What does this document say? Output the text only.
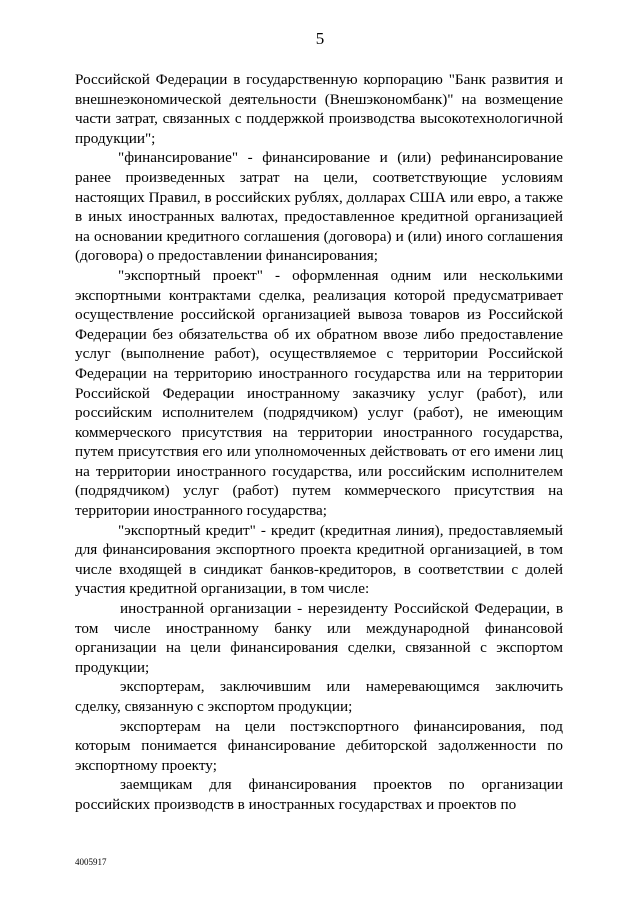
5

Российской Федерации в государственную корпорацию "Банк развития и внешнеэкономической деятельности (Внешэкономбанк)" на возмещение части затрат, связанных с поддержкой производства высокотехнологичной продукции";

"финансирование" - финансирование и (или) рефинансирование ранее произведенных затрат на цели, соответствующие условиям настоящих Правил, в российских рублях, долларах США или евро, а также в иных иностранных валютах, предоставленное кредитной организацией на основании кредитного соглашения (договора) и (или) иного соглашения (договора) о предоставлении финансирования;

"экспортный проект" - оформленная одним или несколькими экспортными контрактами сделка, реализация которой предусматривает осуществление российской организацией вывоза товаров из Российской Федерации без обязательства об их обратном ввозе либо предоставление услуг (выполнение работ), осуществляемое с территории Российской Федерации на территорию иностранного государства или на территории Российской Федерации иностранному заказчику услуг (работ), или российским исполнителем (подрядчиком) услуг (работ), не имеющим коммерческого присутствия на территории иностранного государства, путем присутствия его или уполномоченных действовать от его имени лиц на территории иностранного государства, или российским исполнителем (подрядчиком) услуг (работ) путем коммерческого присутствия на территории иностранного государства;

"экспортный кредит" - кредит (кредитная линия), предоставляемый для финансирования экспортного проекта кредитной организацией, в том числе входящей в синдикат банков-кредиторов, в соответствии с долей участия кредитной организации, в том числе:

иностранной организации - нерезиденту Российской Федерации, в том числе иностранному банку или международной финансовой организации на цели финансирования сделки, связанной с экспортом продукции;

экспортерам, заключившим или намеревающимся заключить сделку, связанную с экспортом продукции;

экспортерам на цели постэкспортного финансирования, под которым понимается финансирование дебиторской задолженности по экспортному проекту;

заемщикам для финансирования проектов по организации российских производств в иностранных государствах и проектов по

4005917
